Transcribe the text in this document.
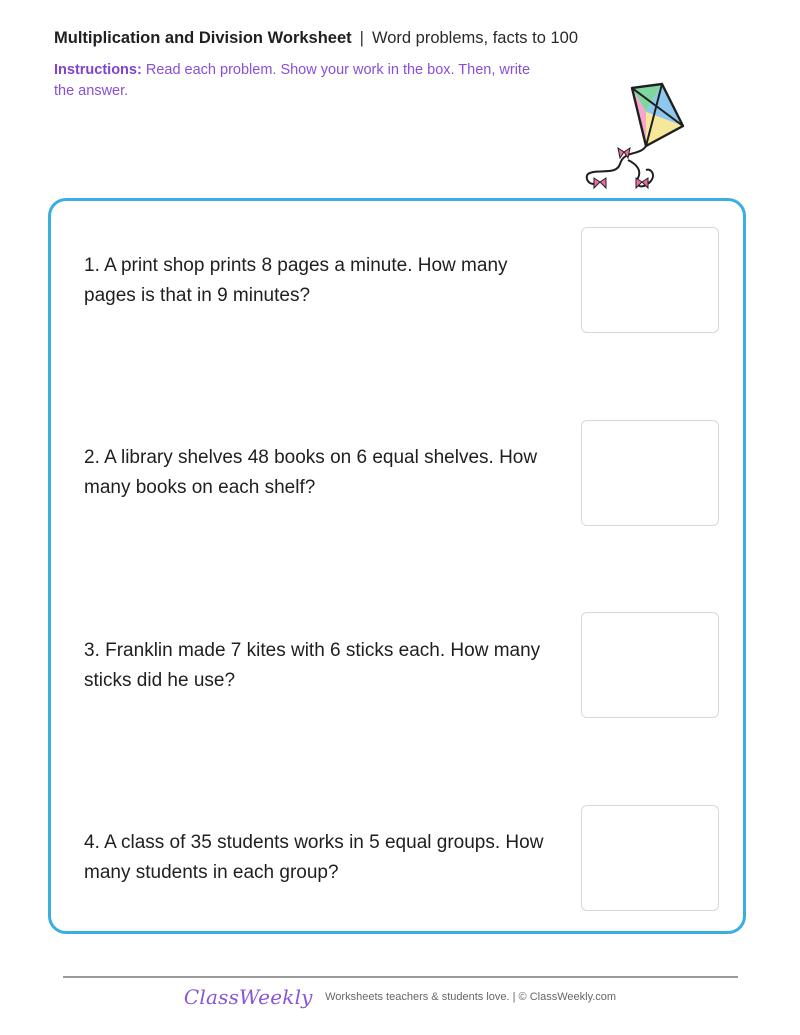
Multiplication and Division Worksheet | Word problems, facts to 100
Instructions: Read each problem. Show your work in the box. Then, write the answer.
1. A print shop prints 8 pages a minute. How many pages is that in 9 minutes?
2. A library shelves 48 books on 6 equal shelves. How many books on each shelf?
3. Franklin made 7 kites with 6 sticks each. How many sticks did he use?
4. A class of 35 students works in 5 equal groups. How many students in each group?
ClassWeekly Worksheets teachers & students love. | © ClassWeekly.com
